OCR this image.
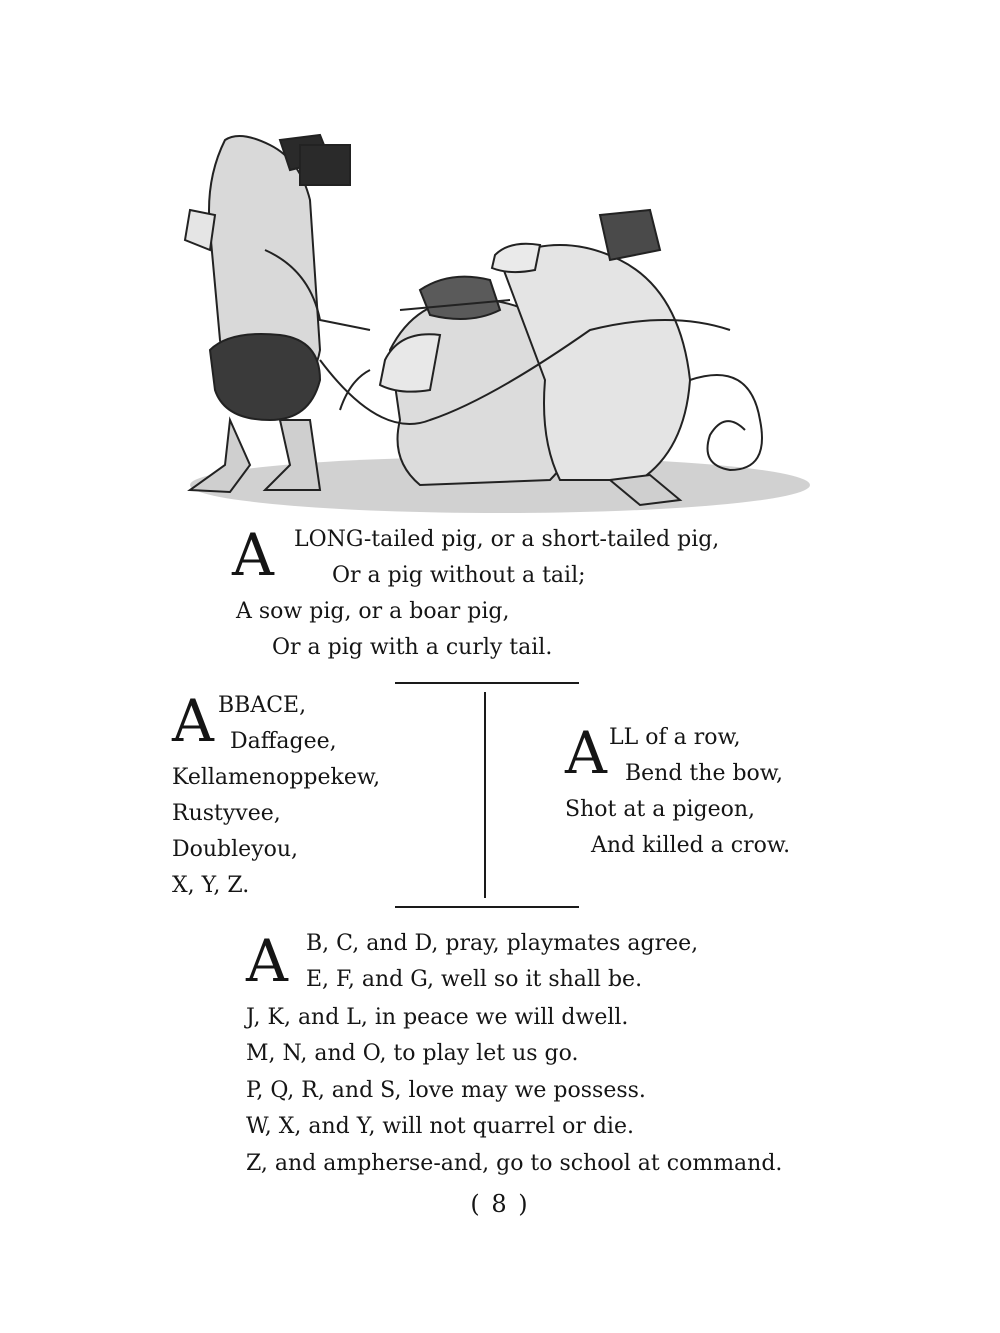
A LONG-tailed pig, or a short-tailed pig,
Or a pig without a tail;
A sow pig, or a boar pig,
Or a pig with a curly tail.
A BBACE,
Daffagee,
Kellamenoppekew,
Rustyvee,
Doubleyou,
X, Y, Z.
A LL of a row,
Bend the bow,
Shot at a pigeon,
And killed a crow.
A B, C, and D, pray, playmates agree,
E, F, and G, well so it shall be.
J, K, and L, in peace we will dwell.
M, N, and O, to play let us go.
P, Q, R, and S, love may we possess.
W, X, and Y, will not quarrel or die.
Z, and ampherse-and, go to school at command.
( 8 )
